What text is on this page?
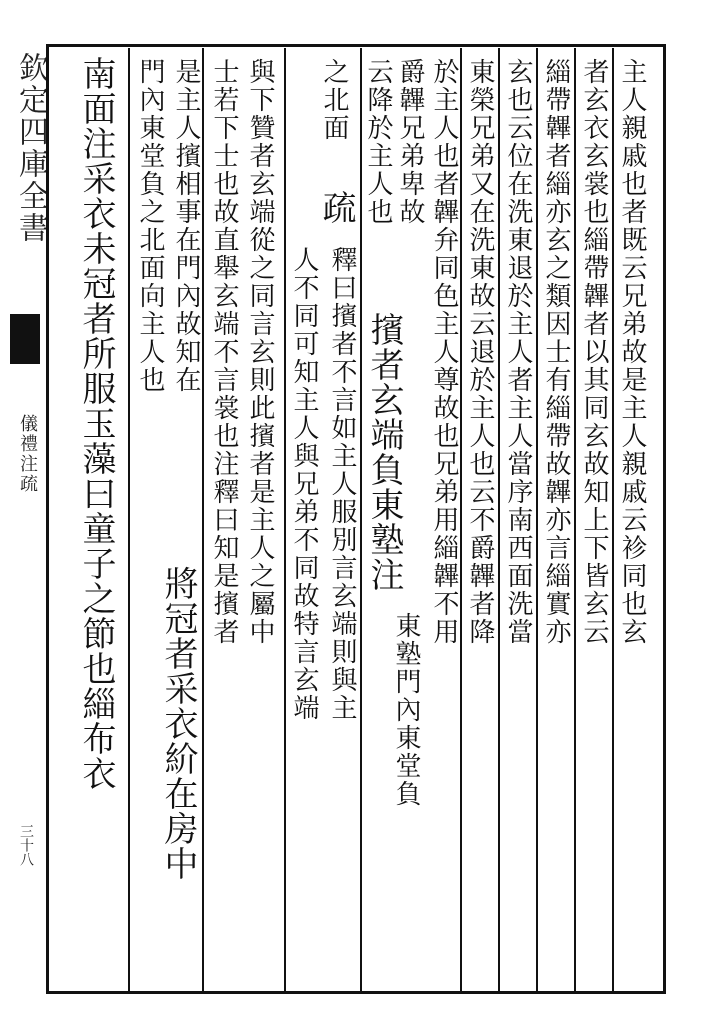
欽定四庫全書
儀禮注疏
三十八
主人親戚也者既云兄弟故是主人親戚云袗同也玄
者玄衣玄裳也緇帶韠者以其同玄故知上下皆玄云
緇帶韠者緇亦玄之類因士有緇帶故韠亦言緇實亦
玄也云位在洗東退於主人者主人當序南西面洗當
東榮兄弟又在洗東故云退於主人也云不爵韠者降
於主人也者韠弁同色主人尊故也兄弟用緇韠不用
爵韠兄弟卑故
云降於主人也
擯者玄端負東塾注
東塾門內東堂負
之北面
疏
釋曰擯者不言如主人服別言玄端則與主
人不同可知主人與兄弟不同故特言玄端
與下贊者玄端從之同言玄則此擯者是主人之屬中
士若下士也故直舉玄端不言裳也注釋曰知是擯者
是主人擯相事在門內故知在
將冠者采衣紒在房中
門內東堂負之北面向主人也
南面注采衣未冠者所服玉藻曰童子之節也緇布衣
